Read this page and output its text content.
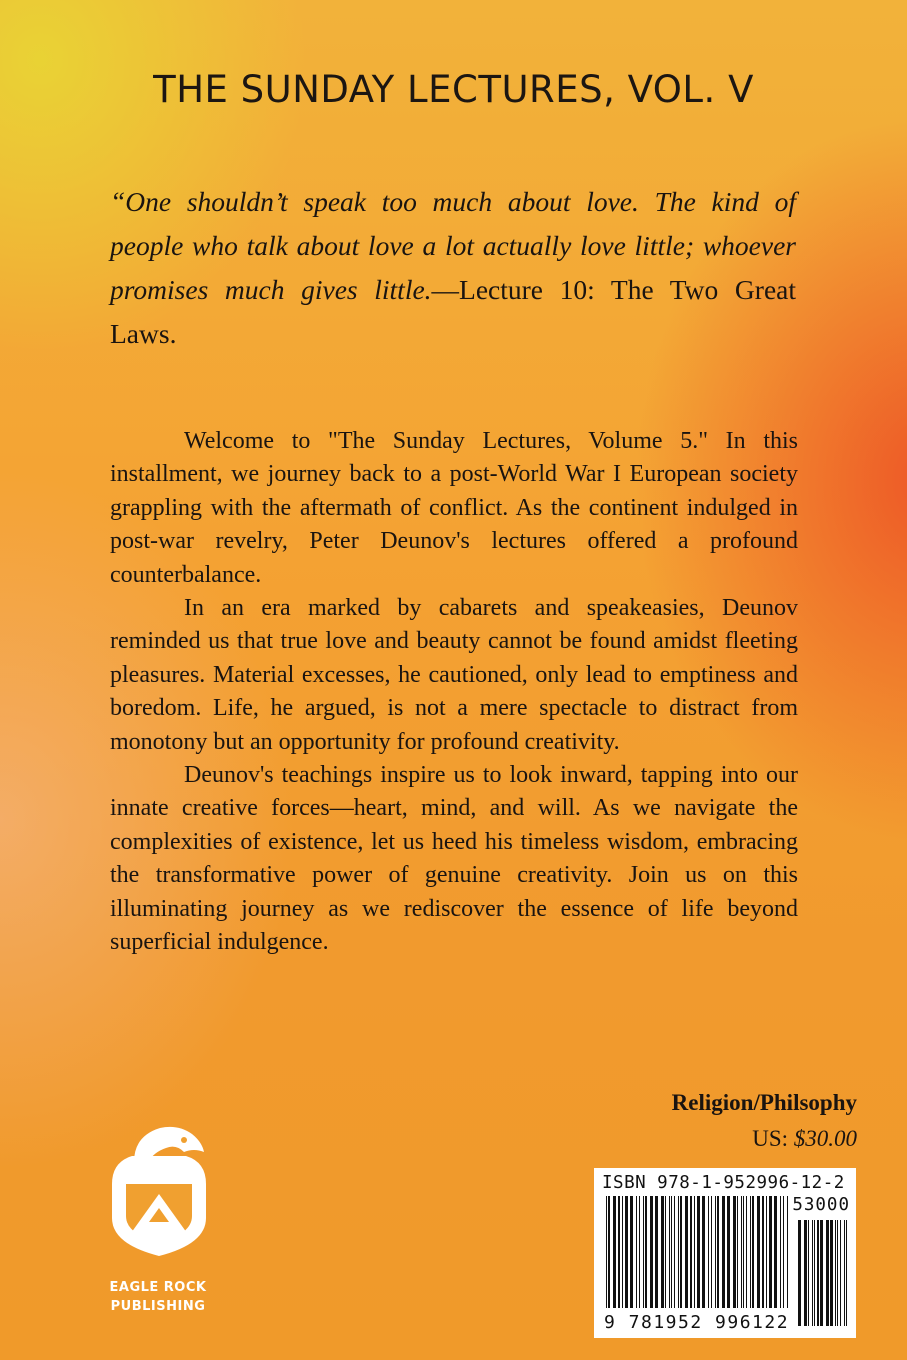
THE SUNDAY LECTURES, VOL. V

“One shouldn’t speak too much about love. The kind of people who talk about love a lot actually love little; whoever promises much gives little.—Lecture 10: The Two Great Laws.

Welcome to "The Sunday Lectures, Volume 5." In this installment, we journey back to a post-World War I European society grappling with the aftermath of conflict. As the continent indulged in post-war revelry, Peter Deunov's lectures offered a profound counterbalance.

In an era marked by cabarets and speakeasies, Deunov reminded us that true love and beauty cannot be found amidst fleeting pleasures. Material excesses, he cautioned, only lead to emptiness and boredom. Life, he argued, is not a mere spectacle to distract from monotony but an opportunity for profound creativity.

Deunov's teachings inspire us to look inward, tapping into our innate creative forces—heart, mind, and will. As we navigate the complexities of existence, let us heed his timeless wisdom, embracing the transformative power of genuine creativity. Join us on this illuminating journey as we rediscover the essence of life beyond superficial indulgence.

Religion/Philsophy
US: $30.00
EAGLE ROCK
PUBLISHING
ISBN 978-1-952996-12-2
53000
9 781952 996122
